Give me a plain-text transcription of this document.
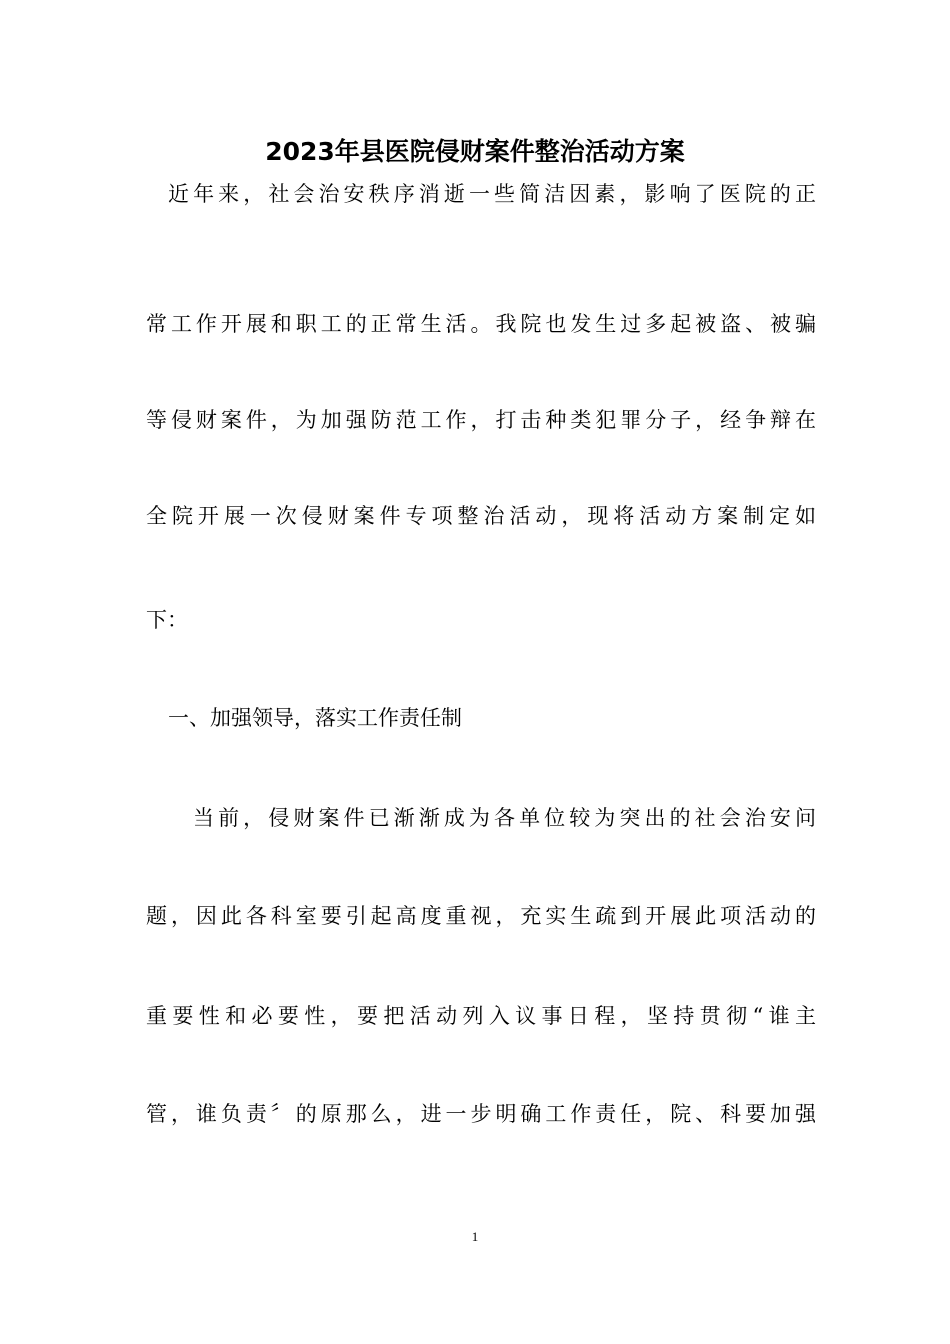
2023年县医院侵财案件整治活动方案
近年来，社会治安秩序消逝一些简洁因素，影响了医院的正
常工作开展和职工的正常生活。我院也发生过多起被盗、被骗
等侵财案件，为加强防范工作，打击种类犯罪分子，经争辩在
全院开展一次侵财案件专项整治活动，现将活动方案制定如
下：
一、加强领导，落实工作责任制
当前，侵财案件已渐渐成为各单位较为突出的社会治安问
题，因此各科室要引起高度重视，充实生疏到开展此项活动的
重要性和必要性，要把活动列入议事日程，坚持贯彻“谁主
管，谁负责〞的原那么，进一步明确工作责任，院、科要加强
1
